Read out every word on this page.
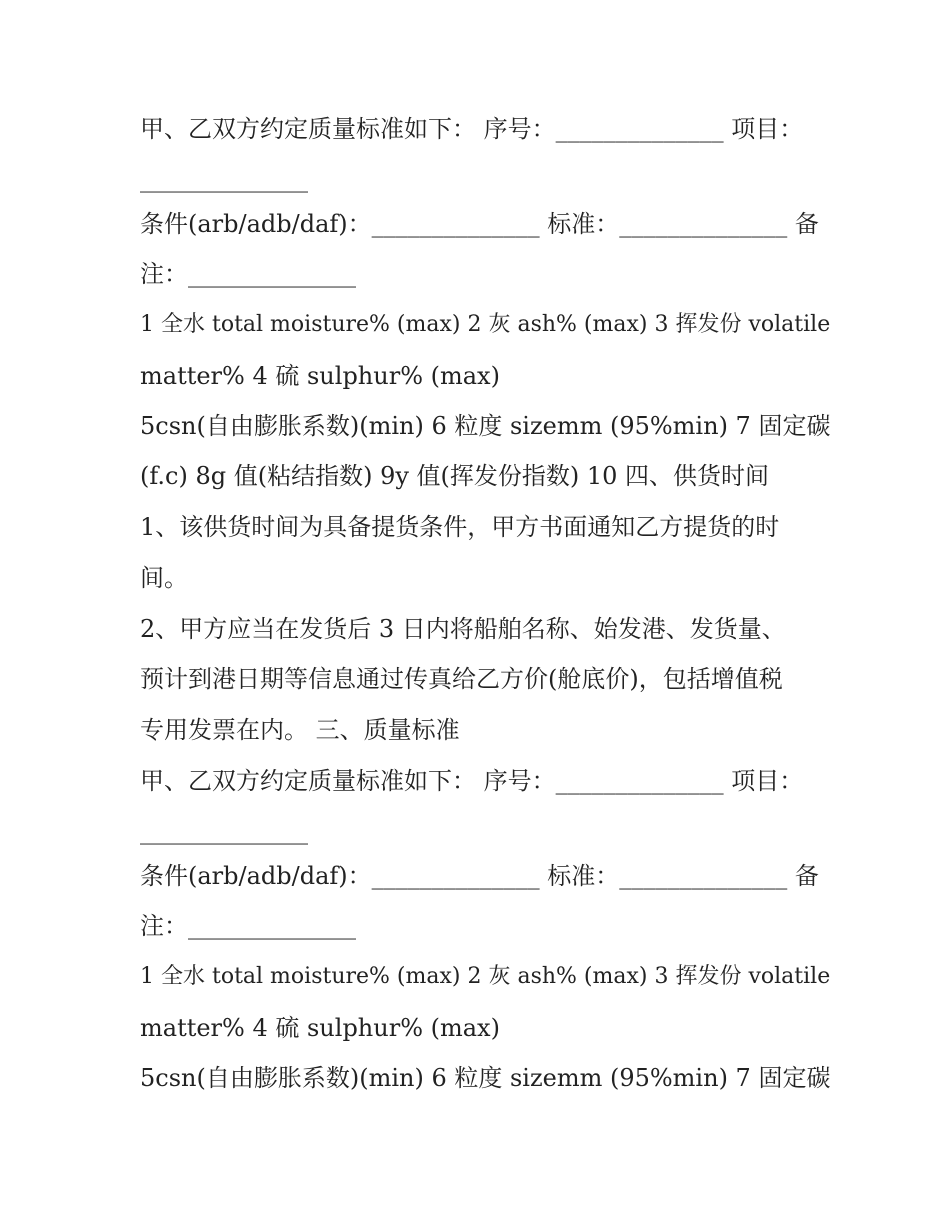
甲、乙双方约定质量标准如下： 序号：______________ 项目：
______________
条件(arb/adb/daf)：______________ 标准：______________ 备
注：______________
1 全水 total moisture% (max) 2 灰 ash% (max) 3 挥发份 volatile
matter% 4 硫 sulphur% (max)
5csn(自由膨胀系数)(min) 6 粒度 sizemm (95%min) 7 固定碳
(f.c) 8g 值(粘结指数) 9y 值(挥发份指数) 10 四、供货时间
1、该供货时间为具备提货条件，甲方书面通知乙方提货的时
间。
2、甲方应当在发货后 3 日内将船舶名称、始发港、发货量、
预计到港日期等信息通过传真给乙方价(舱底价)，包括增值税
专用发票在内。 三、质量标准
甲、乙双方约定质量标准如下： 序号：______________ 项目：
______________
条件(arb/adb/daf)：______________ 标准：______________ 备
注：______________
1 全水 total moisture% (max) 2 灰 ash% (max) 3 挥发份 volatile
matter% 4 硫 sulphur% (max)
5csn(自由膨胀系数)(min) 6 粒度 sizemm (95%min) 7 固定碳
